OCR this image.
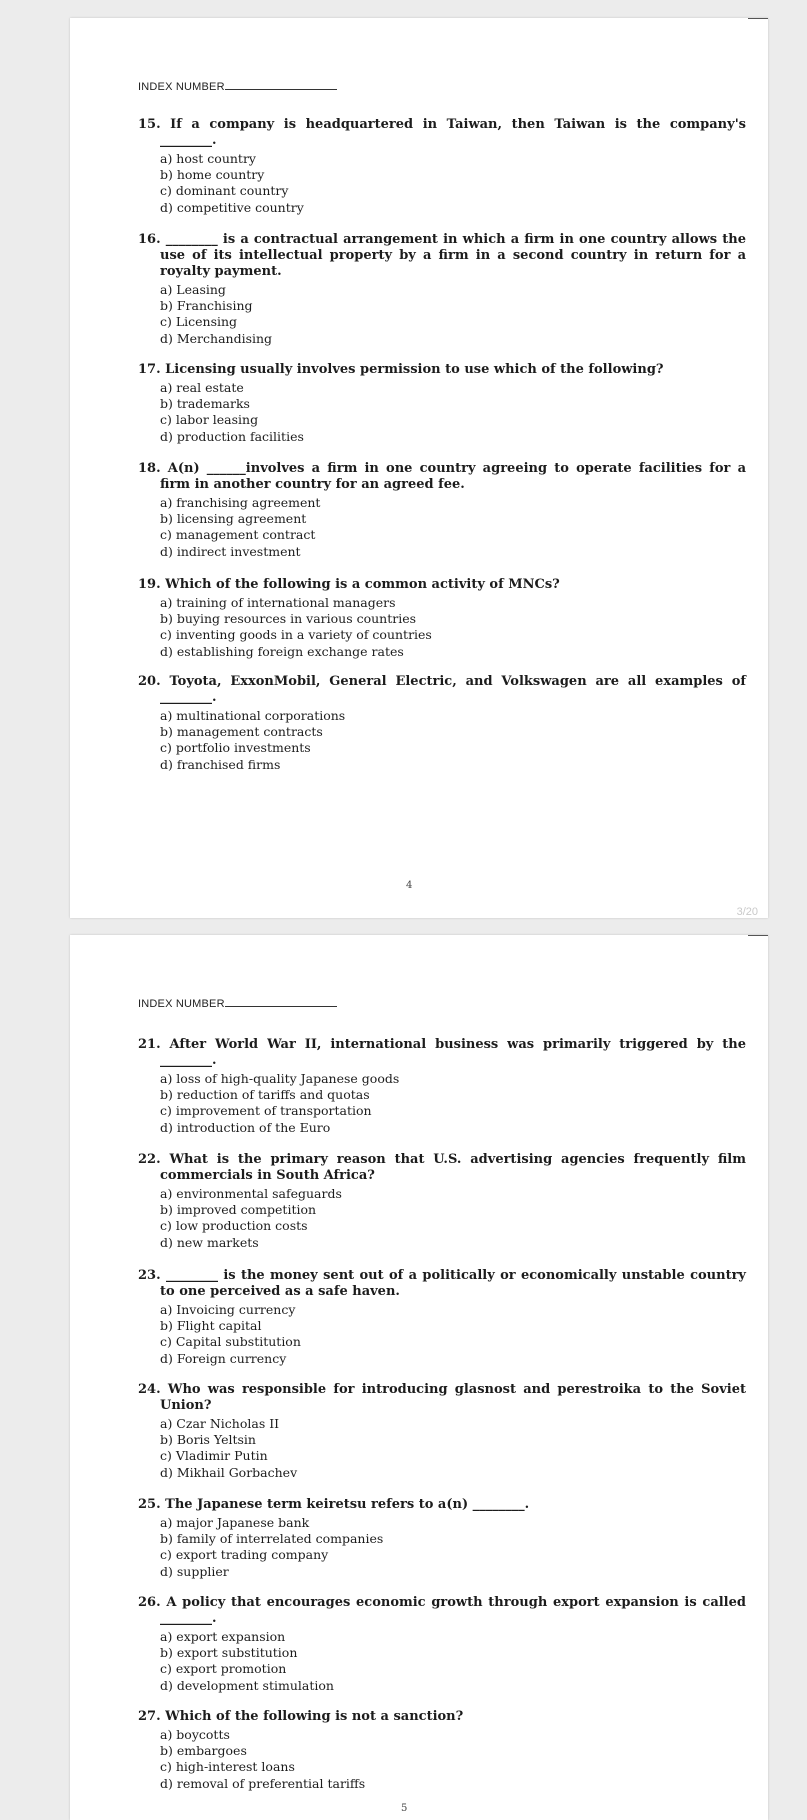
INDEX NUMBER
15. If a company is headquartered in Taiwan, then Taiwan is the company's ________.
a) host country
b) home country
c) dominant country
d) competitive country
16. ________ is a contractual arrangement in which a firm in one country allows the use of its intellectual property by a firm in a second country in return for a royalty payment.
a) Leasing
b) Franchising
c) Licensing
d) Merchandising
17. Licensing usually involves permission to use which of the following?
a) real estate
b) trademarks
c) labor leasing
d) production facilities
18. A(n) ______involves a firm in one country agreeing to operate facilities for a firm in another country for an agreed fee.
a) franchising agreement
b) licensing agreement
c) management contract
d) indirect investment
19. Which of the following is a common activity of MNCs?
a) training of international managers
b) buying resources in various countries
c) inventing goods in a variety of countries
d) establishing foreign exchange rates
20. Toyota, ExxonMobil, General Electric, and Volkswagen are all examples of ________.
a) multinational corporations
b) management contracts
c) portfolio investments
d) franchised firms
4
3/20
INDEX NUMBER
21. After World War II, international business was primarily triggered by the ________.
a) loss of high-quality Japanese goods
b) reduction of tariffs and quotas
c) improvement of transportation
d) introduction of the Euro
22. What is the primary reason that U.S. advertising agencies frequently film commercials in South Africa?
a) environmental safeguards
b) improved competition
c) low production costs
d) new markets
23. ________ is the money sent out of a politically or economically unstable country to one perceived as a safe haven.
a) Invoicing currency
b) Flight capital
c) Capital substitution
d) Foreign currency
24. Who was responsible for introducing glasnost and perestroika to the Soviet Union?
a) Czar Nicholas II
b) Boris Yeltsin
c) Vladimir Putin
d) Mikhail Gorbachev
25. The Japanese term keiretsu refers to a(n) ________.
a) major Japanese bank
b) family of interrelated companies
c) export trading company
d) supplier
26. A policy that encourages economic growth through export expansion is called ________.
a) export expansion
b) export substitution
c) export promotion
d) development stimulation
27. Which of the following is not a sanction?
a) boycotts
b) embargoes
c) high-interest loans
d) removal of preferential tariffs
5
